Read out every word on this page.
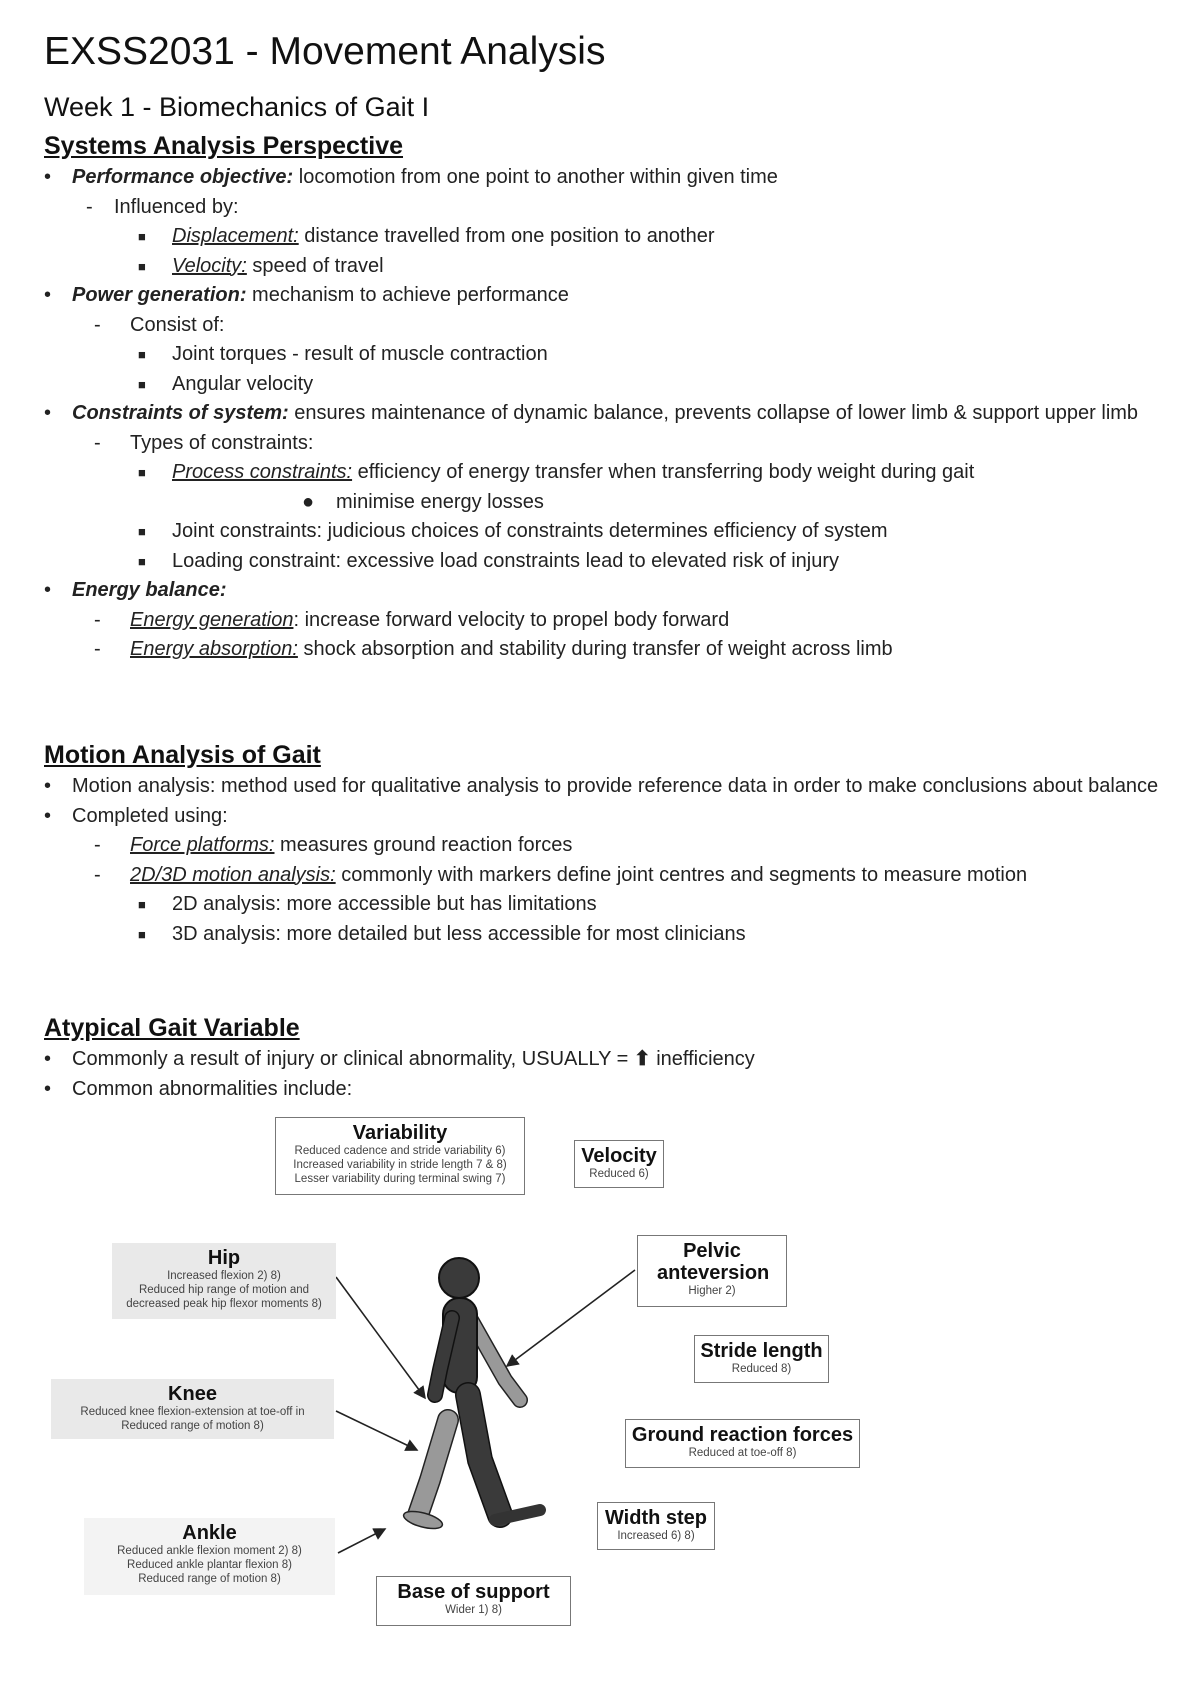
EXSS2031 - Movement Analysis
Week 1 - Biomechanics of Gait I

Systems Analysis Perspective

• Performance objective: locomotion from one point to another within given time
- Influenced by:
■ Displacement: distance travelled from one position to another
■ Velocity: speed of travel
• Power generation: mechanism to achieve performance
- Consist of:
■ Joint torques - result of muscle contraction
■ Angular velocity
• Constraints of system: ensures maintenance of dynamic balance, prevents collapse of lower limb & support upper limb
- Types of constraints:
■ Process constraints: efficiency of energy transfer when transferring body weight during gait
● minimise energy losses
■ Joint constraints: judicious choices of constraints determines efficiency of system
■ Loading constraint: excessive load constraints lead to elevated risk of injury
• Energy balance:
- Energy generation: increase forward velocity to propel body forward
- Energy absorption: shock absorption and stability during transfer of weight across limb

Motion Analysis of Gait

• Motion analysis: method used for qualitative analysis to provide reference data in order to make conclusions about balance
• Completed using:
- Force platforms: measures ground reaction forces
- 2D/3D motion analysis: commonly with markers define joint centres and segments to measure motion
■ 2D analysis: more accessible but has limitations
■ 3D analysis: more detailed but less accessible for most clinicians

Atypical Gait Variable

• Commonly a result of injury or clinical abnormality, USUALLY = ⬆ inefficiency
• Common abnormalities include:
Variability
Reduced cadence and stride variability 6)
Increased variability in stride length 7 & 8)
Lesser variability during terminal swing 7)
Velocity
Reduced 6)
Hip
Increased flexion 2) 8)
Reduced hip range of motion and
decreased peak hip flexor moments 8)
Pelvic anteversion
Higher 2)
Stride length
Reduced 8)
Knee
Reduced knee flexion-extension at toe-off in
Reduced range of motion 8)	Ground reaction forces
Reduced at toe-off 8)
Width step
Increased 6) 8)
Ankle
Reduced ankle flexion moment 2) 8)
Reduced ankle plantar flexion 8)
Reduced range of motion 8)
Base of support
Wider 1) 8)
